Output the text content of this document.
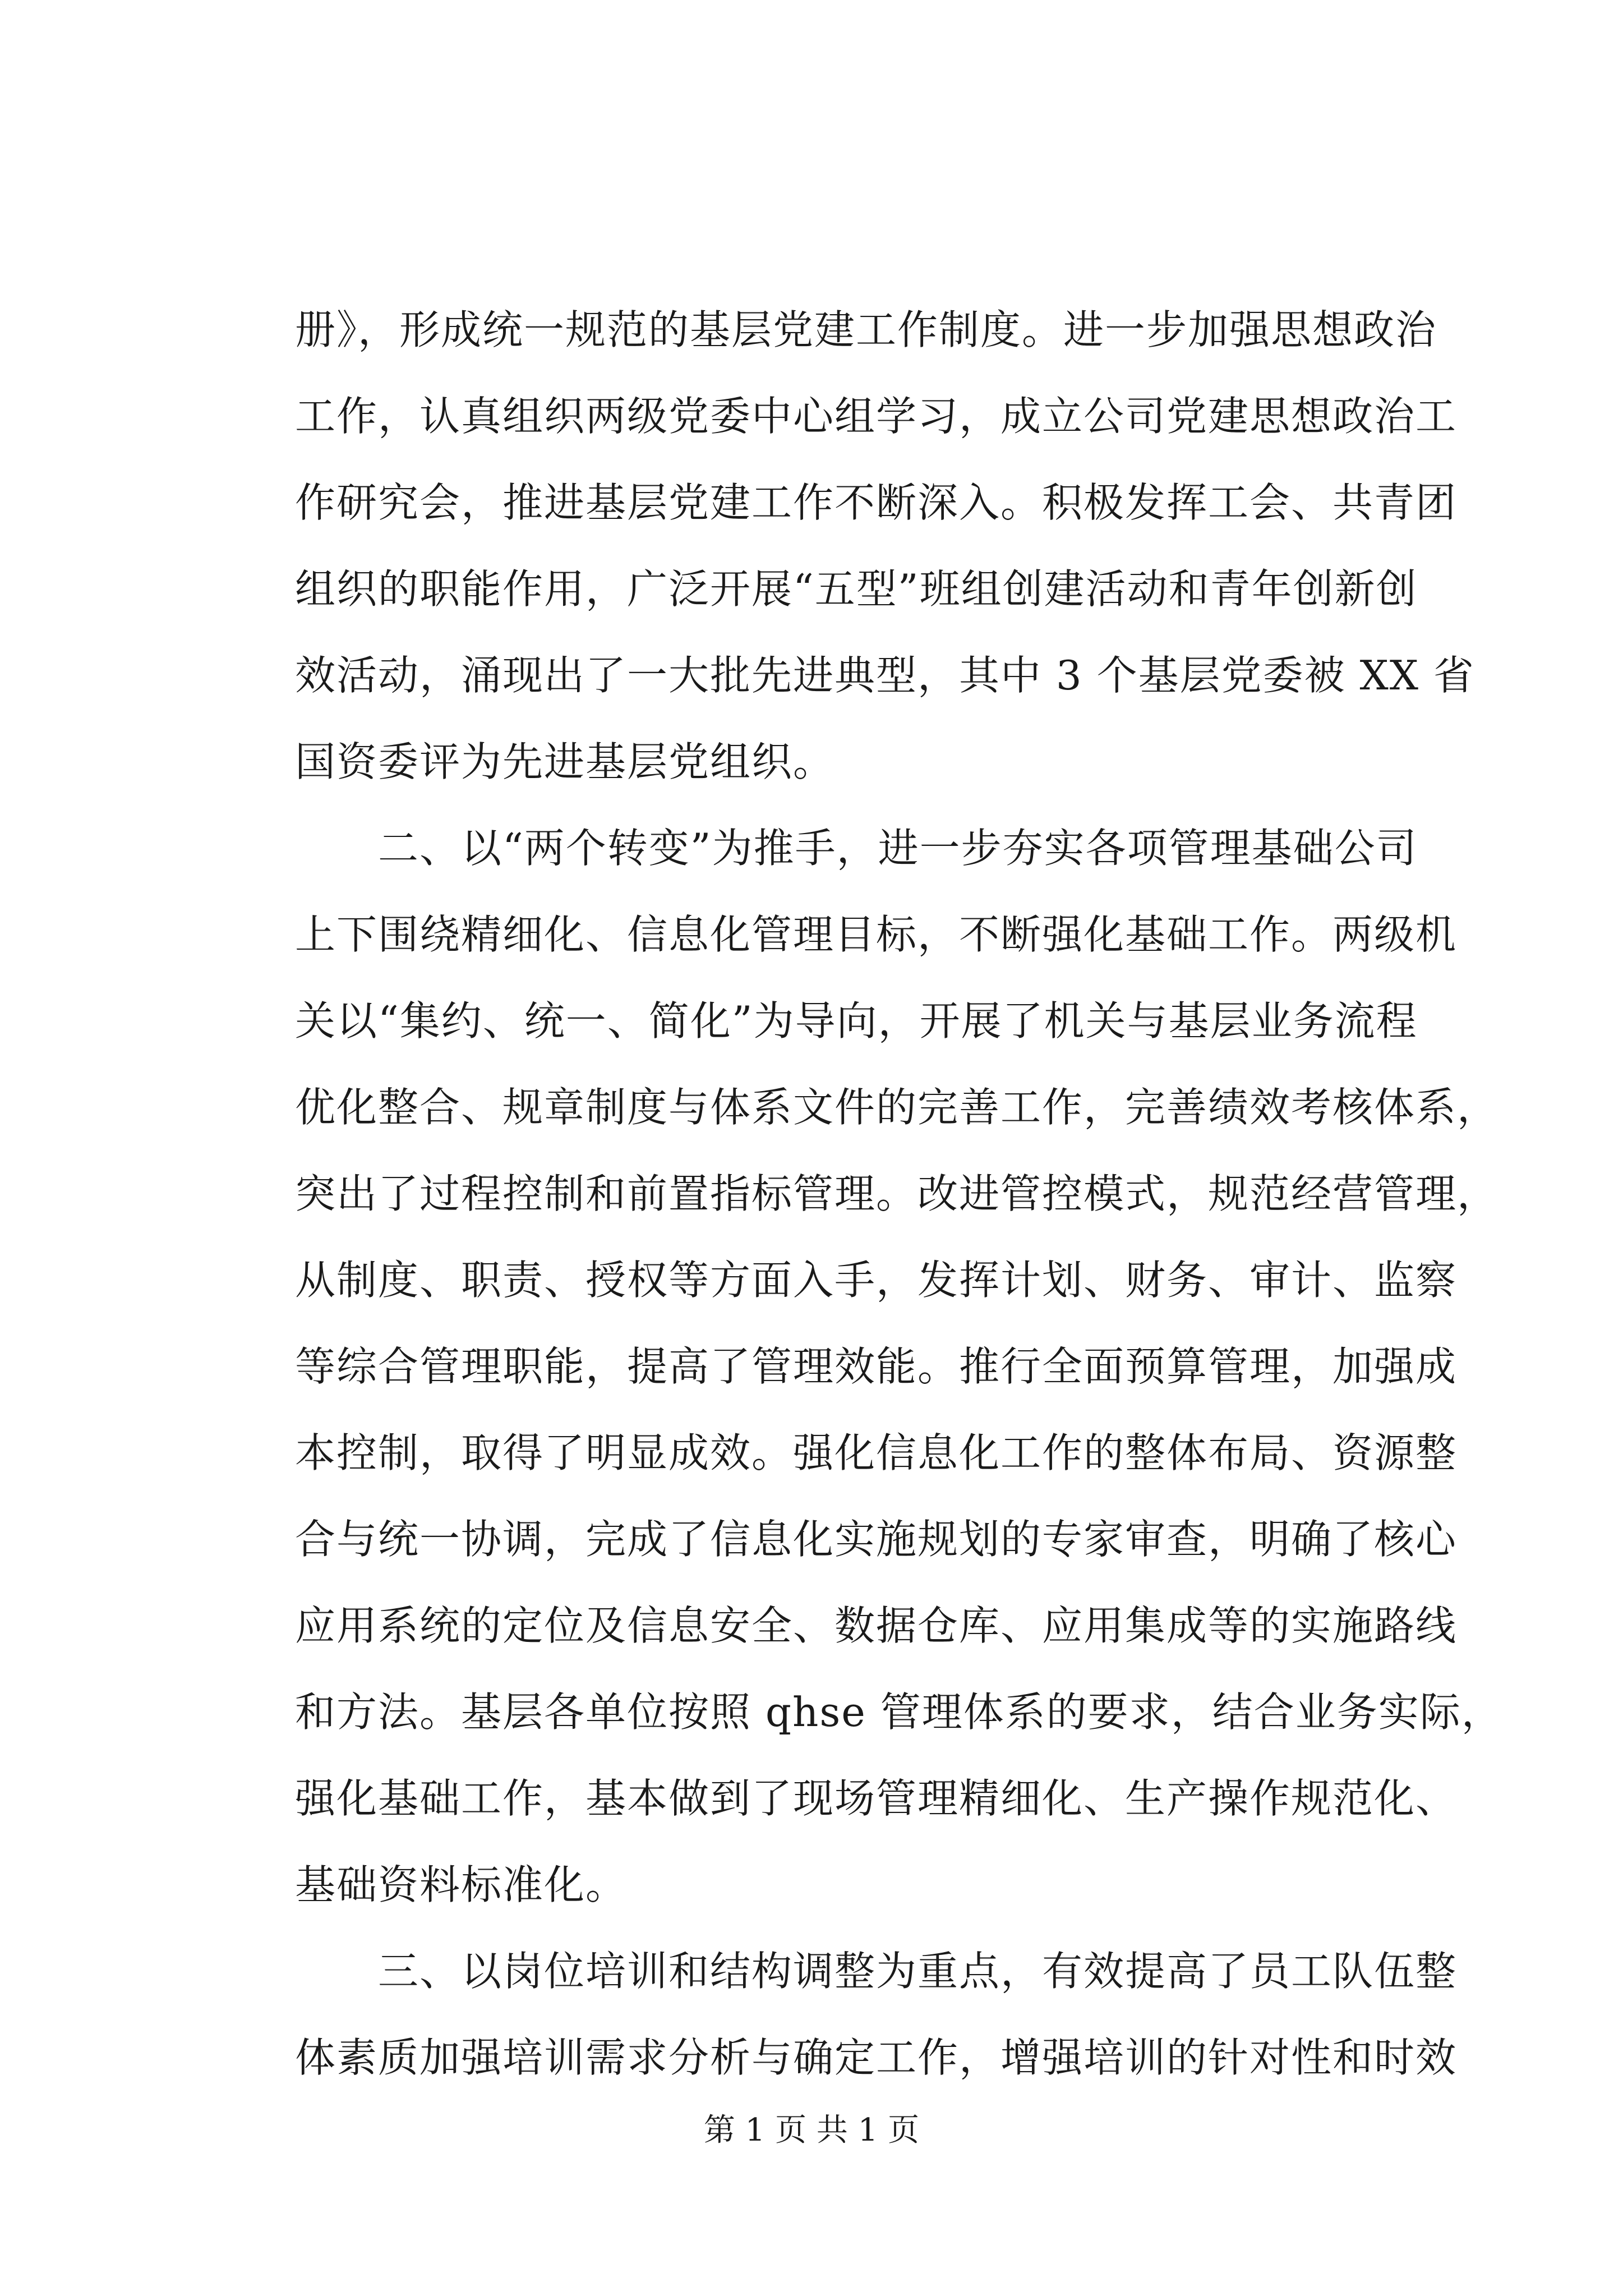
册》，形成统一规范的基层党建工作制度。进一步加强思想政治
工作，认真组织两级党委中心组学习，成立公司党建思想政治工
作研究会，推进基层党建工作不断深入。积极发挥工会、共青团
组织的职能作用，广泛开展“五型”班组创建活动和青年创新创
效活动，涌现出了一大批先进典型，其中 3 个基层党委被 XX 省
国资委评为先进基层党组织。
　　二、以“两个转变”为推手，进一步夯实各项管理基础公司
上下围绕精细化、信息化管理目标，不断强化基础工作。两级机
关以“集约、统一、简化”为导向，开展了机关与基层业务流程
优化整合、规章制度与体系文件的完善工作，完善绩效考核体系，
突出了过程控制和前置指标管理。改进管控模式，规范经营管理，
从制度、职责、授权等方面入手，发挥计划、财务、审计、监察
等综合管理职能，提高了管理效能。推行全面预算管理，加强成
本控制，取得了明显成效。强化信息化工作的整体布局、资源整
合与统一协调，完成了信息化实施规划的专家审查，明确了核心
应用系统的定位及信息安全、数据仓库、应用集成等的实施路线
和方法。基层各单位按照 qhse 管理体系的要求，结合业务实际，
强化基础工作，基本做到了现场管理精细化、生产操作规范化、
基础资料标准化。
　　三、以岗位培训和结构调整为重点，有效提高了员工队伍整
体素质加强培训需求分析与确定工作，增强培训的针对性和时效
第 1 页 共 1 页
